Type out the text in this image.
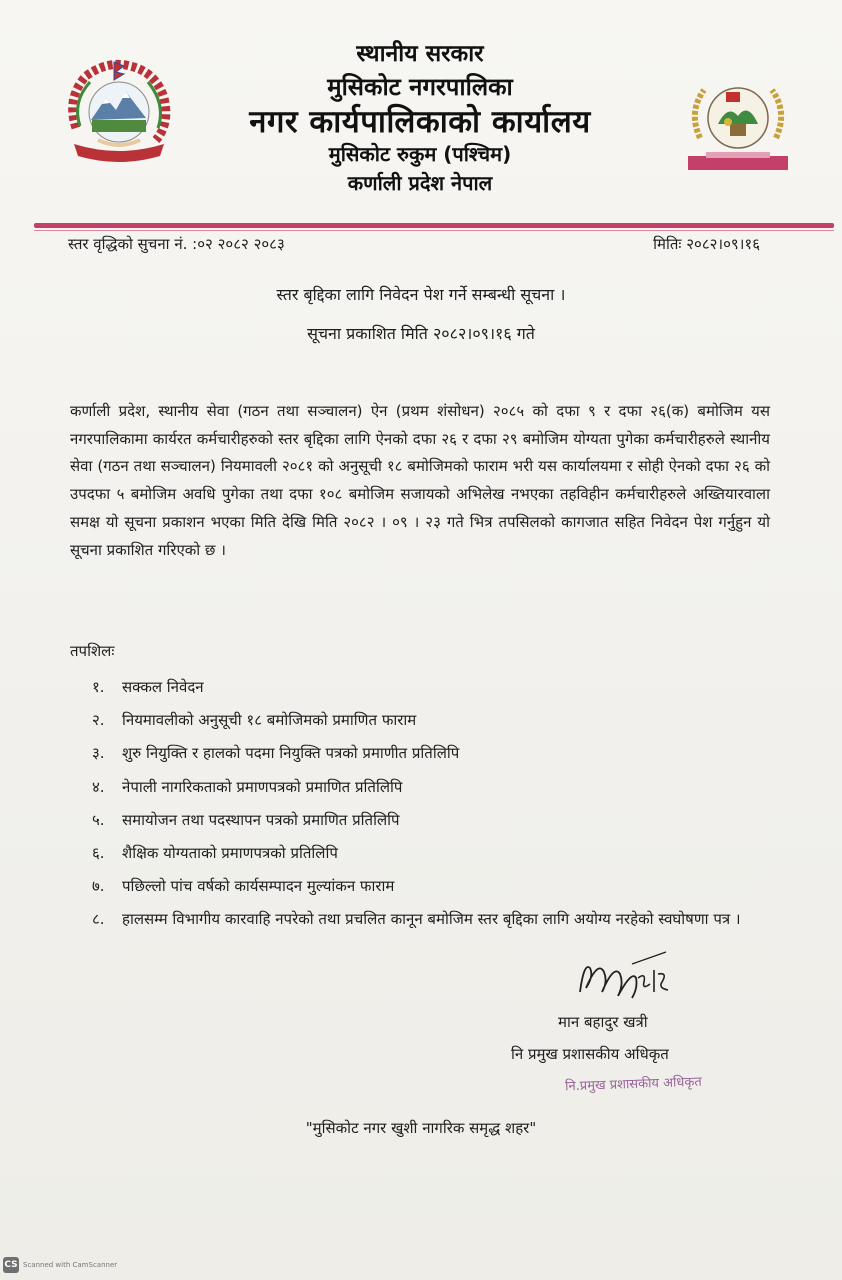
स्थानीय सरकार
मुसिकोट नगरपालिका
नगर कार्यपालिकाको कार्यालय
मुसिकोट रुकुम (पश्चिम)
कर्णाली प्रदेश नेपाल
स्तर वृद्धिको सुचना नं. :०२ २०८२ २०८३	मितिः २०८२।०९।१६
स्तर बृद्दिका लागि निवेदन पेश गर्ने सम्बन्धी सूचना ।
सूचना प्रकाशित मिति २०८२।०९।१६ गते
कर्णाली प्रदेश, स्थानीय सेवा (गठन तथा सञ्चालन) ऐन (प्रथम शंसोधन) २०८५ को दफा ९ र दफा २६(क) बमोजिम यस नगरपालिकामा कार्यरत कर्मचारीहरुको स्तर बृद्दिका लागि ऐनको दफा २६ र दफा २९ बमोजिम योग्यता पुगेका कर्मचारीहरुले स्थानीय सेवा (गठन तथा सञ्चालन) नियमावली २०८१ को अनुसूची १८ बमोजिमको फाराम भरी यस कार्यालयमा र सोही ऐनको दफा २६ को उपदफा ५ बमोजिम अवधि पुगेका तथा दफा १०८ बमोजिम सजायको अभिलेख नभएका तहविहीन कर्मचारीहरुले अख्तियारवाला समक्ष यो सूचना प्रकाशन भएका मिति देखि मिति २०८२ । ०९ । २३ गते भित्र तपसिलको कागजात सहित निवेदन पेश गर्नुहुन यो सूचना प्रकाशित गरिएको छ ।
तपशिलः
१.	सक्कल निवेदन
२.	नियमावलीको अनुसूची १८ बमोजिमको प्रमाणित फाराम
३.	शुरु नियुक्ति र हालको पदमा नियुक्ति पत्रको प्रमाणीत प्रतिलिपि
४.	नेपाली नागरिकताको प्रमाणपत्रको प्रमाणित प्रतिलिपि
५.	समायोजन तथा पदस्थापन पत्रको प्रमाणित प्रतिलिपि
६.	शैक्षिक योग्यताको प्रमाणपत्रको प्रतिलिपि
७.	पछिल्लो पांच वर्षको कार्यसम्पादन मुल्यांकन फाराम
८.	हालसम्म विभागीय कारवाहि नपरेको तथा प्रचलित कानून बमोजिम स्तर बृद्दिका लागि अयोग्य नरहेको स्वघोषणा पत्र ।
मान बहादुर खत्री
नि प्रमुख प्रशासकीय अधिकृत
नि.प्रमुख प्रशासकीय अधिकृत
"मुसिकोट नगर खुशी नागरिक समृद्ध शहर"
CS Scanned with CamScanner
